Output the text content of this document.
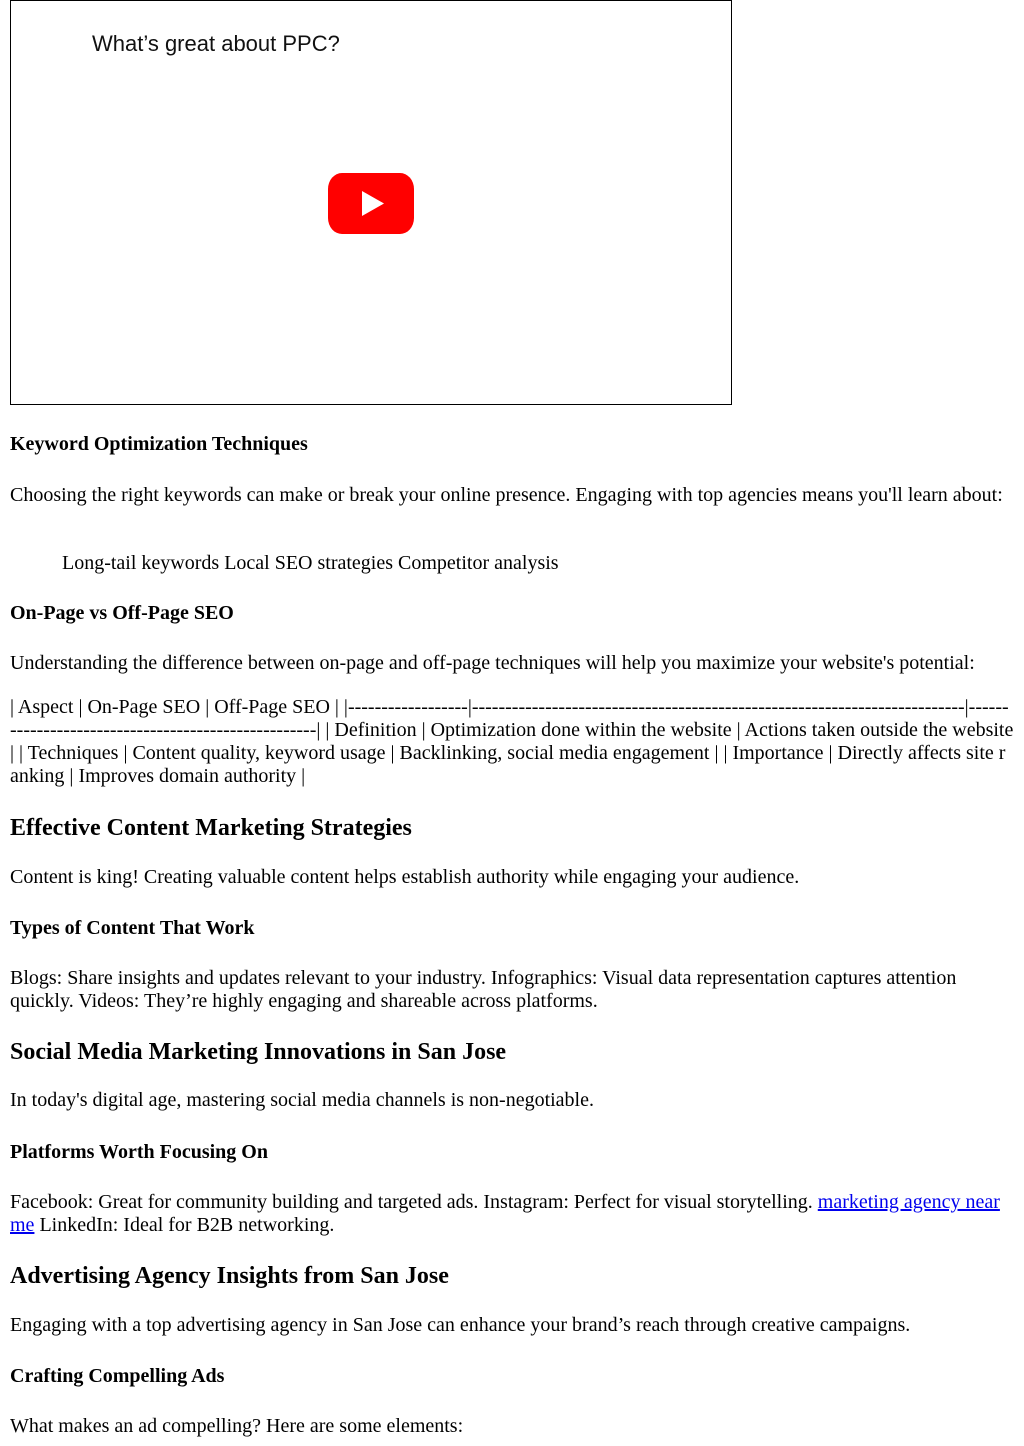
What’s great about PPC?
Keyword Optimization Techniques

Choosing the right keywords can make or break your online presence. Engaging with top agencies means you'll learn about:

Long-tail keywords Local SEO strategies Competitor analysis

On-Page vs Off-Page SEO

Understanding the difference between on-page and off-page techniques will help you maximize your website's potential:

| Aspect | On-Page SEO | Off-Page SEO | |------------------|--------------------------------------------------------------------------|----------------------------------------------------| | Definition | Optimization done within the website | Actions taken outside the website | | Techniques | Content quality, keyword usage | Backlinking, social media engagement | | Importance | Directly affects site ranking | Improves domain authority |

Effective Content Marketing Strategies

Content is king! Creating valuable content helps establish authority while engaging your audience.

Types of Content That Work

Blogs: Share insights and updates relevant to your industry. Infographics: Visual data representation captures attention quickly. Videos: They’re highly engaging and shareable across platforms.

Social Media Marketing Innovations in San Jose

In today's digital age, mastering social media channels is non-negotiable.

Platforms Worth Focusing On

Facebook: Great for community building and targeted ads. Instagram: Perfect for visual storytelling. marketing agency near me LinkedIn: Ideal for B2B networking.

Advertising Agency Insights from San Jose

Engaging with a top advertising agency in San Jose can enhance your brand’s reach through creative campaigns.

Crafting Compelling Ads

What makes an ad compelling? Here are some elements:
